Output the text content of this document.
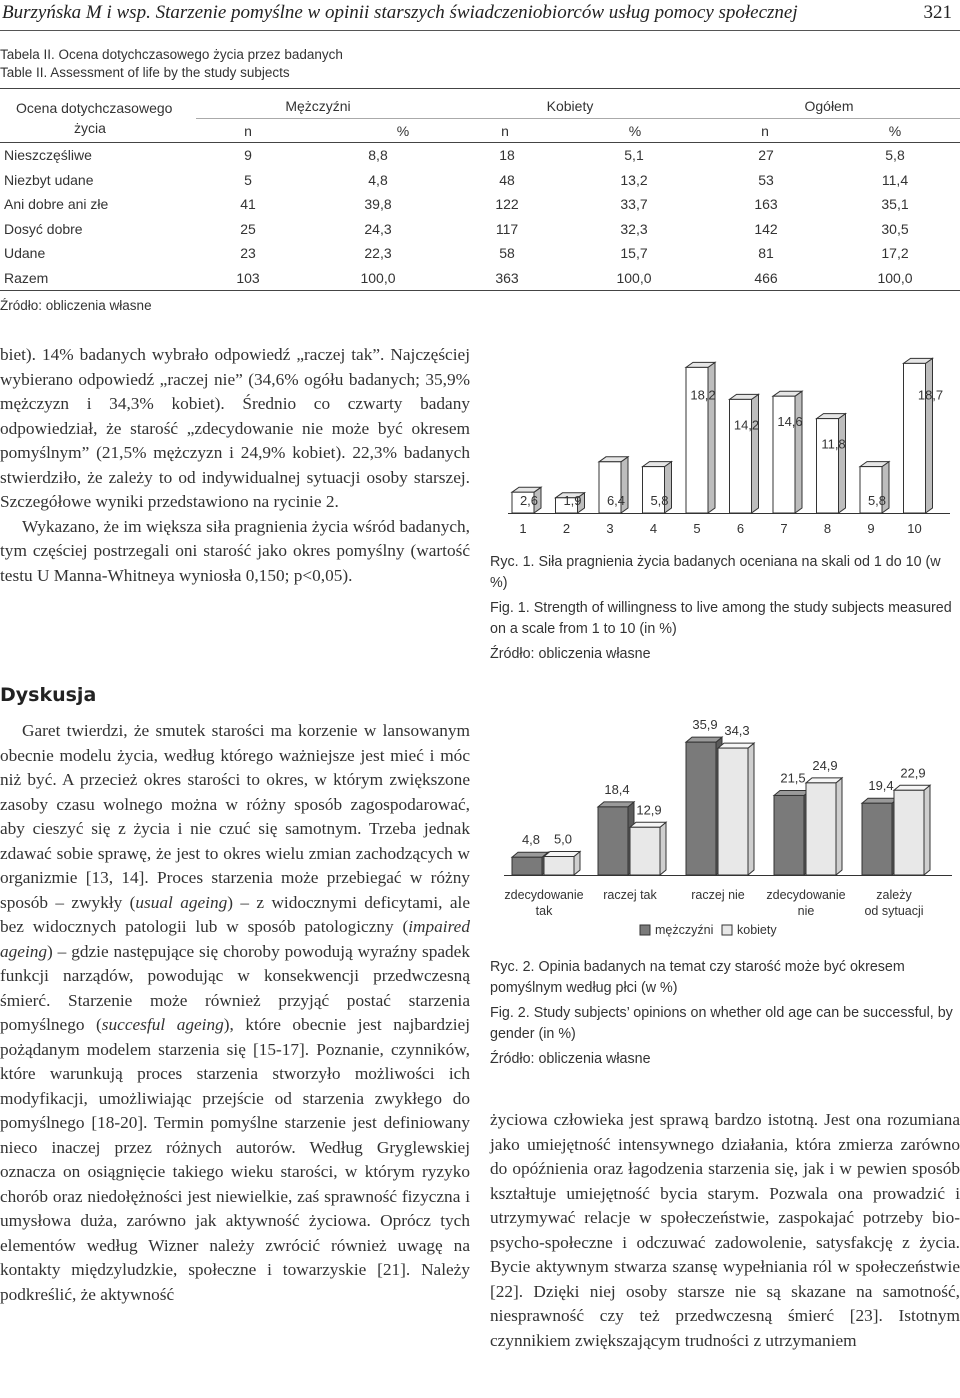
Burzyńska M i wsp. Starzenie pomyślne w opinii starszych świadczeniobiorców usług pomocy społecznej	321
Tabela II. Ocena dotychczasowego życia przez badanych
Table II. Assessment of life by the study subjects
Ocena dotychczasowego
życia
Mężczyźni	Kobiety	Ogółem
n	%	n	%	n	%
Nieszczęśliwe	9	8,8	18	5,1	27	5,8
Niezbyt udane	5	4,8	48	13,2	53	11,4
Ani dobre ani złe	41	39,8	122	33,7	163	35,1
Dosyć dobre	25	24,3	117	32,3	142	30,5
Udane	23	22,3	58	15,7	81	17,2
Razem	103	100,0	363	100,0	466	100,0
Źródło: obliczenia własne

biet). 14% badanych wybrało odpowiedź „raczej tak”. Najczęściej wybierano odpowiedź „raczej nie” (34,6% ogółu badanych; 35,9% mężczyzn i 34,3% kobiet). Średnio co czwarty badany odpowiedział, że starość „zdecydowanie nie może być okresem pomyślnym” (21,5% mężczyzn i 24,9% kobiet). 22,3% badanych stwierdziło, że zależy to od indywidualnej sytuacji osoby starszej. Szczegółowe wyniki przedstawiono na rycinie 2.

Wykazano, że im większa siła pragnienia życia wśród badanych, tym częściej postrzegali oni starość jako okres pomyślny (wartość testu U Manna-Whitneya wyniosła 0,150; p<0,05).

Dyskusja

Garet twierdzi, że smutek starości ma korzenie w lansowanym obecnie modelu życia, według którego ważniejsze jest mieć i móc niż być. A przecież okres starości to okres, w którym zwiększone zasoby czasu wolnego można w różny sposób zagospodarować, aby cieszyć się z życia i nie czuć się samotnym. Trzeba jednak zdawać sobie sprawę, że jest to okres wielu zmian zachodzących w organizmie [13, 14]. Proces starzenia może przebiegać w różny sposób – zwykły (usual ageing) – z widocznymi deficytami, ale bez widocznych patologii lub w sposób patologiczny (impaired ageing) – gdzie następujące się choroby powodują wyraźny spadek funkcji narządów, powodując w konsekwencji przedwczesną śmierć. Starzenie może również przyjąć postać starzenia pomyślnego (succesful ageing), które obecnie jest najbardziej pożądanym modelem starzenia się [15-17]. Poznanie, czynników, które warunkują proces starzenia stworzyło możliwości ich modyfikacji, umożliwiając przejście od starzenia zwykłego do pomyślnego [18-20]. Termin pomyślne starzenie jest definiowany nieco inaczej przez różnych autorów. Według Gryglewskiej oznacza on osiągnięcie takiego wieku starości, w którym ryzyko chorób oraz niedołężności jest niewielkie, zaś sprawność fizyczna i umysłowa duża, zarówno jak aktywność życiowa. Oprócz tych elementów według Wizner należy zwrócić również uwagę na kontakty międzyludzkie, społeczne i towarzyskie [21]. Należy podkreślić, że aktywność

2,6
1
1,9
2
6,4
3
5,8
4
18,2
5
14,2
6
14,6
7
11,8
8
5,8
9
18,7
10
Ryc. 1. Siła pragnienia życia badanych oceniana na skali od 1 do 10 (w %)
Fig. 1. Strength of willingness to live among the study subjects measured on a scale from 1 to 10 (in %)
Źródło: obliczenia własne
4,8
18,4
35,9
21,5
19,4
5,0
12,9
34,3
24,9	22,9
zdecydowanie
tak
raczej tak	raczej nie zdecydowanie
nie
zależy
od sytuacji
mężczyźni kobiety
Ryc. 2. Opinia badanych na temat czy starość może być okresem pomyślnym według płci (w %)
Fig. 2. Study subjects’ opinions on whether old age can be successful, by gender (in %)
Źródło: obliczenia własne

życiowa człowieka jest sprawą bardzo istotną. Jest ona rozumiana jako umiejętność intensywnego działania, która zmierza zarówno do opóźnienia oraz łagodzenia starzenia się, jak i w pewien sposób kształtuje umiejętność bycia starym. Pozwala ona prowadzić i utrzymywać relacje w społeczeństwie, zaspokajać potrzeby bio-psycho-społeczne i odczuwać zadowolenie, satysfakcję z życia. Bycie aktywnym stwarza szansę wypełniania ról w społeczeństwie [22]. Dzięki niej osoby starsze nie są skazane na samotność, niesprawność czy też przedwczesną śmierć [23]. Istotnym czynnikiem zwiększającym trudności z utrzymaniem
